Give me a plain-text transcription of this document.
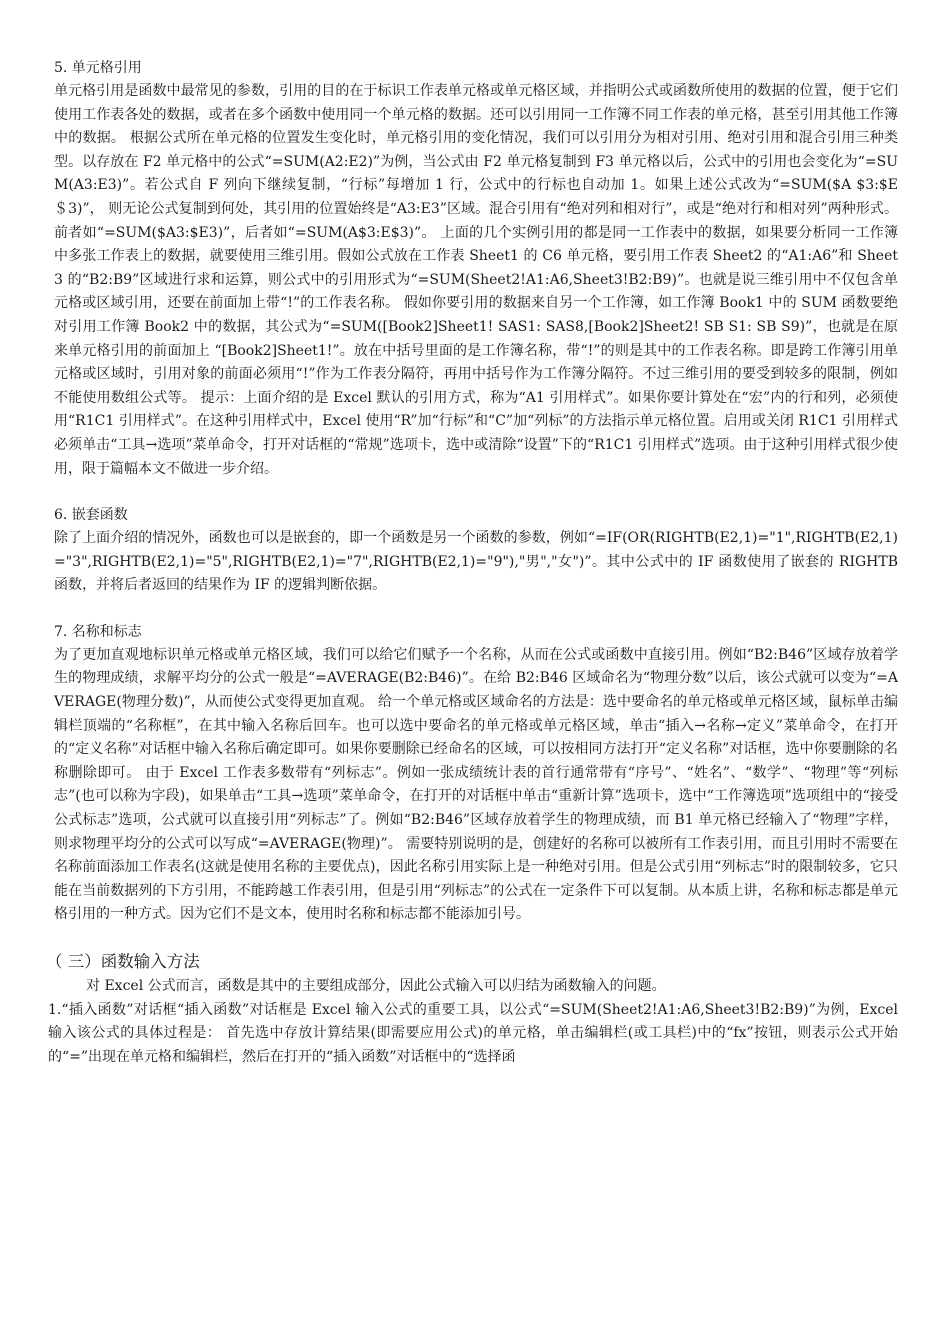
5. 单元格引用

单元格引用是函数中最常见的参数，引用的目的在于标识工作表单元格或单元格区域，并指明公式或函数所使用的数据的位置，便于它们使用工作表各处的数据，或者在多个函数中使用同一个单元格的数据。还可以引用同一工作簿不同工作表的单元格，甚至引用其他工作簿中的数据。 根据公式所在单元格的位置发生变化时，单元格引用的变化情况，我们可以引用分为相对引用、绝对引用和混合引用三种类型。以存放在 F2 单元格中的公式“=SUM(A2:E2)”为例，当公式由 F2 单元格复制到 F3 单元格以后，公式中的引用也会变化为“=SUM(A3:E3)”。若公式自 F 列向下继续复制，“行标”每增加 1 行，公式中的行标也自动加 1。如果上述公式改为“=SUM($A $3:$E ＄3)”， 则无论公式复制到何处，其引用的位置始终是“A3:E3”区域。混合引用有“绝对列和相对行”，或是“绝对行和相对列”两种形式。前者如“=SUM($A3:$E3)”，后者如“=SUM(A$3:E$3)”。 上面的几个实例引用的都是同一工作表中的数据，如果要分析同一工作簿中多张工作表上的数据，就要使用三维引用。假如公式放在工作表 Sheet1 的 C6 单元格，要引用工作表 Sheet2 的“A1:A6”和 Sheet3 的“B2:B9”区域进行求和运算，则公式中的引用形式为“=SUM(Sheet2!A1:A6,Sheet3!B2:B9)”。也就是说三维引用中不仅包含单元格或区域引用，还要在前面加上带“!”的工作表名称。 假如你要引用的数据来自另一个工作簿，如工作簿 Book1 中的 SUM 函数要绝对引用工作簿 Book2 中的数据，其公式为“=SUM([Book2]Sheet1! SAS1: SAS8,[Book2]Sheet2! SB S1: SB S9)”，也就是在原来单元格引用的前面加上 “[Book2]Sheet1!”。放在中括号里面的是工作簿名称，带“!”的则是其中的工作表名称。即是跨工作簿引用单元格或区域时，引用对象的前面必须用“!”作为工作表分隔符，再用中括号作为工作簿分隔符。不过三维引用的要受到较多的限制，例如不能使用数组公式等。 提示：上面介绍的是 Excel 默认的引用方式，称为“A1 引用样式”。如果你要计算处在“宏”内的行和列，必须使用“R1C1 引用样式”。在这种引用样式中，Excel 使用“R”加“行标”和“C”加“列标”的方法指示单元格位置。启用或关闭 R1C1 引用样式必须单击“工具→选项”菜单命令，打开对话框的“常规”选项卡，选中或清除“设置”下的“R1C1 引用样式”选项。由于这种引用样式很少使用，限于篇幅本文不做进一步介绍。

6. 嵌套函数

除了上面介绍的情况外，函数也可以是嵌套的，即一个函数是另一个函数的参数，例如“=IF(OR(RIGHTB(E2,1)="1",RIGHTB(E2,1)="3",RIGHTB(E2,1)="5",RIGHTB(E2,1)="7",RIGHTB(E2,1)="9"),"男","女")”。其中公式中的 IF 函数使用了嵌套的 RIGHTB 函数，并将后者返回的结果作为 IF 的逻辑判断依据。

7. 名称和标志

为了更加直观地标识单元格或单元格区域，我们可以给它们赋予一个名称，从而在公式或函数中直接引用。例如“B2:B46”区域存放着学生的物理成绩，求解平均分的公式一般是“=AVERAGE(B2:B46)”。在给 B2:B46 区域命名为“物理分数”以后，该公式就可以变为“=AVERAGE(物理分数)”，从而使公式变得更加直观。 给一个单元格或区域命名的方法是：选中要命名的单元格或单元格区域，鼠标单击编辑栏顶端的“名称框”，在其中输入名称后回车。也可以选中要命名的单元格或单元格区域，单击“插入→名称→定义”菜单命令，在打开的“定义名称”对话框中输入名称后确定即可。如果你要删除已经命名的区域，可以按相同方法打开“定义名称”对话框，选中你要删除的名称删除即可。 由于 Excel 工作表多数带有“列标志”。例如一张成绩统计表的首行通常带有“序号”、“姓名”、“数学”、“物理”等“列标志”(也可以称为字段)，如果单击“工具→选项”菜单命令，在打开的对话框中单击“重新计算”选项卡，选中“工作簿选项”选项组中的“接受公式标志”选项，公式就可以直接引用“列标志”了。例如“B2:B46”区域存放着学生的物理成绩，而 B1 单元格已经输入了“物理”字样，则求物理平均分的公式可以写成“=AVERAGE(物理)”。 需要特别说明的是，创建好的名称可以被所有工作表引用，而且引用时不需要在名称前面添加工作表名(这就是使用名称的主要优点)，因此名称引用实际上是一种绝对引用。但是公式引用“列标志”时的限制较多，它只能在当前数据列的下方引用，不能跨越工作表引用，但是引用“列标志”的公式在一定条件下可以复制。从本质上讲，名称和标志都是单元格引用的一种方式。因为它们不是文本，使用时名称和标志都不能添加引号。

（ 三）函数输入方法

对 Excel 公式而言，函数是其中的主要组成部分，因此公式输入可以归结为函数输入的问题。

1.“插入函数”对话框“插入函数”对话框是 Excel 输入公式的重要工具，以公式“=SUM(Sheet2!A1:A6,Sheet3!B2:B9)”为例，Excel 输入该公式的具体过程是： 首先选中存放计算结果(即需要应用公式)的单元格，单击编辑栏(或工具栏)中的“fx”按钮，则表示公式开始的“=”出现在单元格和编辑栏，然后在打开的“插入函数”对话框中的“选择函
